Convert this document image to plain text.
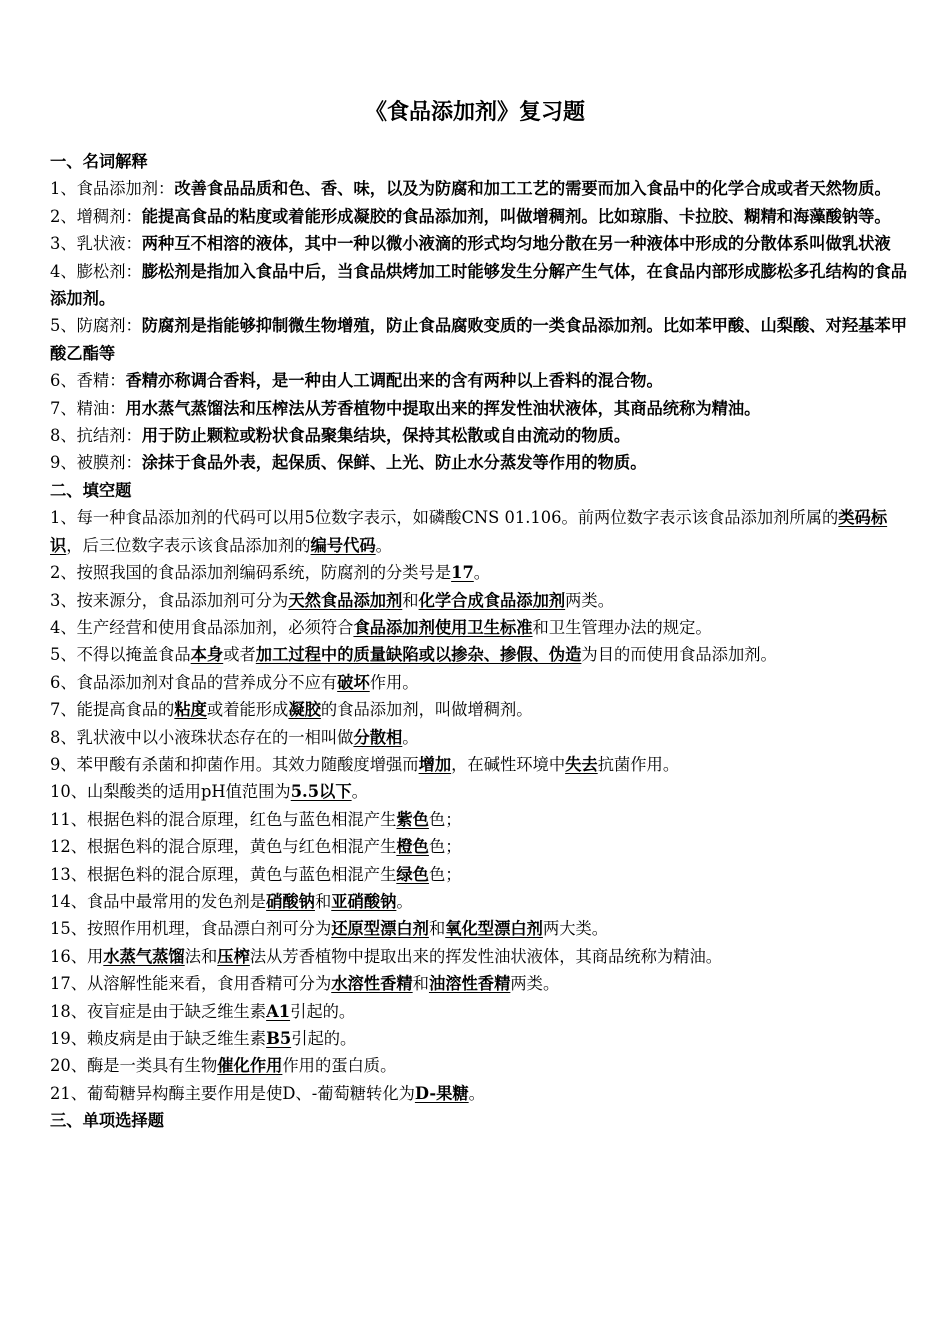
《食品添加剂》复习题
一、名词解释

1、食品添加剂：改善食品品质和色、香、味，以及为防腐和加工工艺的需要而加入食品中的化学合成或者天然物质。

2、增稠剂：能提高食品的粘度或着能形成凝胶的食品添加剂，叫做增稠剂。比如琼脂、卡拉胶、糊精和海藻酸钠等。

3、乳状液：两种互不相溶的液体，其中一种以微小液滴的形式均匀地分散在另一种液体中形成的分散体系叫做乳状液

4、膨松剂：膨松剂是指加入食品中后，当食品烘烤加工时能够发生分解产生气体，在食品内部形成膨松多孔结构的食品添加剂。

5、防腐剂：防腐剂是指能够抑制微生物增殖，防止食品腐败变质的一类食品添加剂。比如苯甲酸、山梨酸、对羟基苯甲酸乙酯等

6、香精：香精亦称调合香料，是一种由人工调配出来的含有两种以上香料的混合物。

7、精油：用水蒸气蒸馏法和压榨法从芳香植物中提取出来的挥发性油状液体，其商品统称为精油。

8、抗结剂：用于防止颗粒或粉状食品聚集结块，保持其松散或自由流动的物质。

9、被膜剂：涂抹于食品外表，起保质、保鲜、上光、防止水分蒸发等作用的物质。

二、填空题

1、每一种食品添加剂的代码可以用5位数字表示，如磷酸CNS 01.106。前两位数字表示该食品添加剂所属的类码标识，后三位数字表示该食品添加剂的编号代码。

2、按照我国的食品添加剂编码系统，防腐剂的分类号是17。

3、按来源分，食品添加剂可分为天然食品添加剂和化学合成食品添加剂两类。

4、生产经营和使用食品添加剂，必须符合食品添加剂使用卫生标准和卫生管理办法的规定。

5、不得以掩盖食品本身或者加工过程中的质量缺陷或以掺杂、掺假、伪造为目的而使用食品添加剂。

6、食品添加剂对食品的营养成分不应有破坏作用。

7、能提高食品的粘度或着能形成凝胶的食品添加剂，叫做增稠剂。

8、乳状液中以小液珠状态存在的一相叫做分散相。

9、苯甲酸有杀菌和抑菌作用。其效力随酸度增强而增加，在碱性环境中失去抗菌作用。

10、山梨酸类的适用pH值范围为5.5以下。

11、根据色料的混合原理，红色与蓝色相混产生紫色色；

12、根据色料的混合原理，黄色与红色相混产生橙色色；

13、根据色料的混合原理，黄色与蓝色相混产生绿色色；

14、食品中最常用的发色剂是硝酸钠和亚硝酸钠。

15、按照作用机理，食品漂白剂可分为还原型漂白剂和氧化型漂白剂两大类。

16、用水蒸气蒸馏法和压榨法从芳香植物中提取出来的挥发性油状液体，其商品统称为精油。

17、从溶解性能来看，食用香精可分为水溶性香精和油溶性香精两类。

18、夜盲症是由于缺乏维生素A1引起的。

19、赖皮病是由于缺乏维生素B5引起的。

20、酶是一类具有生物催化作用作用的蛋白质。

21、葡萄糖异构酶主要作用是使D、-葡萄糖转化为D-果糖。

三、单项选择题
